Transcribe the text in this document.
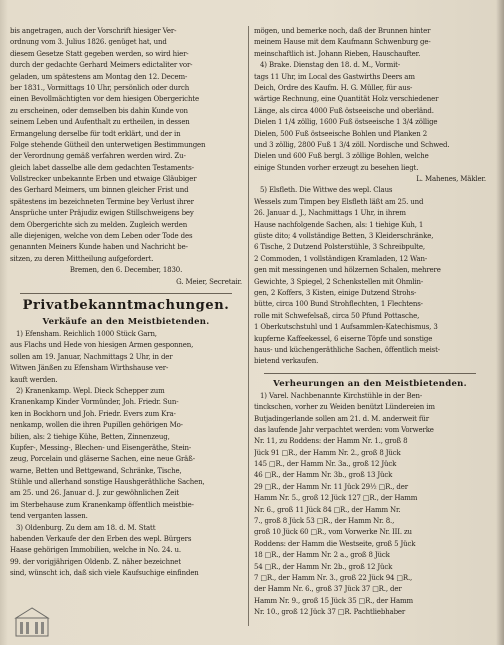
bis angetragen, auch der Vorschrift hiesiger Ver-
ordnung vom 3. Julius 1826. genüget hat, und
diesem Gesetze Statt gegeben werden, so wird hier-
durch der gedachte Gerhard Meimers edictaliter vor-
geladen, um spätestens am Montag den 12. Decem-
ber 1831., Vormittags 10 Uhr, persönlich oder durch
einen Bevollmächtigten vor dem hiesigen Obergerichte
zu erscheinen, oder demselben bis dahin Kunde von
seinem Leben und Aufenthalt zu ertheilen, in dessen
Ermangelung derselbe für todt erklärt, und der in
Folge stehende Gütheil den unterwetigen Bestimmungen
der Verordnung gemäß verfahren werden wird. Zu-
gleich labet dasselbe alle dem gedachten Testaments-
Vollstrecker unbekannte Erben und etwaige Gläubiger
des Gerhard Meimers, um binnen gleicher Frist und
spätestens im bezeichneten Termine bey Verlust ihrer
Ansprüche unter Präjudiz ewigen Stillschweigens bey
dem Obergerichte sich zu melden. Zugleich werden
alle diejenigen, welche von dem Leben oder Tode des
genannten Meiners Kunde haben und Nachricht be-
sitzen, zu deren Mittheilung aufgefordert.
Bremen, den 6. December, 1830.
G. Meier, Secretair.
Privatbekanntmachungen.
Verkäufe an den Meistbietenden.
1) Efensham. Reichlich 1000 Stück Garn,
aus Flachs und Hede von hiesigen Armen gesponnen,
sollen am 19. Januar, Nachmittags 2 Uhr, in der
Witwen Jänßen zu Efensham Wirthshause ver-
kauft werden.
2) Kranenkamp. Wepl. Dieck Schepper zum
Kranenkamp Kinder Vormünder, Joh. Friedr. Sun-
ken in Bockhorn und Joh. Friedr. Evers zum Kra-
nenkamp, wollen die ihren Pupillen gehörigen Mo-
bilien, als: 2 tiehige Kühe, Betten, Zinnenzeug,
Kupfer-, Messing-, Blechen- und Eisengeräthe, Stein-
zeug, Porcelain und gläserne Sachen, eine neue Gräß-
warne, Betten und Bettgewand, Schränke, Tische,
Stühle und allerhand sonstige Haushgeräthliche Sachen,
am 25. und 26. Januar d. J. zur gewöhnlichen Zeit
im Sterbehause zum Kranenkamp öffentlich meistbie-
tend verganten lassen.
3) Oldenburg. Zu dem am 18. d. M. Statt
habenden Verkaufe der den Erben des wepl. Bürgers
Haase gehörigen Immobilien, welche in No. 24. u.
99. der vorigjährigen Oldenb. Z. näher bezeichnet
sind, wünscht ich, daß sich viele Kaufsuchige einfinden
mögen, und bemerke noch, daß der Brunnen hinter
meinem Hause mit dem Kaufmann Schwenburg ge-
meinschaftlich ist. Johann Rieben, Hauschaufter.
4) Brake. Dienstag den 18. d. M., Vormit-
tags 11 Uhr, im Local des Gastwirths Deers am
Deich, Ordre des Kaufm. H. G. Müller, für aus-
wärtige Rechnung, eine Quantität Holz verschiedener
Länge, als circa 4000 Fuß östseeische und oberländ.
Dielen 1 1/4 zöllig, 1600 Fuß östseeische 1 3/4 zöllige
Dielen, 500 Fuß östseeische Bohlen und Planken 2
und 3 zöllig, 2800 Fuß 1 3/4 zöll. Nordische und Schwed.
Dielen und 600 Fuß bergl. 3 zöllige Bohlen, welche
einige Stunden vorher erzeugt zu besehen liegt.
L. Mahenes, Mäkler.
5) Elsfleth. Die Wittwe des wepl. Claus
Wessels zum Timpen bey Elsfleth läßt am 25. und
26. Januar d. J., Nachmittags 1 Uhr, in ihrem
Hause nachfolgende Sachen, als: 1 tiehige Kuh, 1
güste dito; 4 vollständige Betten, 3 Kleiderschränke,
6 Tische, 2 Dutzend Polsterstühle, 3 Schreibpulte,
2 Commoden, 1 vollständigen Kramladen, 12 Wan-
gen mit messingenen und hölzernen Schalen, mehrere
Gewichte, 3 Spiegel, 2 Schenkstellen mit Ohmlin-
gen, 2 Koffers, 3 Kisten, einige Dutzend Strohs-
bütte, circa 100 Bund Strohflechten, 1 Flechtens-
rolle mit Schwefelsaß, circa 50 Pfund Pottasche,
1 Oberkutschstuhl und 1 Aufsammlen-Katechismus, 3
kupferne Kaffeekessel, 6 eiserne Töpfe und sonstige
haus- und küchengeräthliche Sachen, öffentlich meist-
bietend verkaufen.
Verheurungen an den Meistbietenden.
1) Varel. Nachbenannte Kirchstühle in der Ben-
tinckschen, vorher zu Weiden benützt Lündereien im
Butjadingerlande sollen am 21. d. M. anderweit für
das laufende Jahr verpachtet werden: vom Vorwerke
Nr. 11, zu Roddens: der Hamm Nr. 1., groß 8
Jück 91 □R., der Hamm Nr. 2., groß 8 Jück
145 □R., der Hamm Nr. 3a., groß 12 Jück
46 □R., der Hamm Nr. 3b., groß 13 Jück
29 □R., der Hamm Nr. 11 Jück 29½ □R., der
Hamm Nr. 5., groß 12 Jück 127 □R., der Hamm
Nr. 6., groß 11 Jück 84 □R., der Hamm Nr.
7., groß 8 Jück 53 □R., der Hamm Nr. 8.,
groß 10 Jück 60 □R., vom Vorwerke Nr. III. zu
Roddens: der Hamm die Westseite, groß 5 Jück
18 □R., der Hamm Nr. 2 a., groß 8 Jück
54 □R., der Hamm Nr. 2b., groß 12 Jück
7 □R., der Hamm Nr. 3., groß 22 Jück 94 □R.,
der Hamm Nr. 6., groß 37 Jück 37 □R., der
Hamm Nr. 9., groß 15 Jück 35 □R., der Hamm
Nr. 10., groß 12 Jück 37 □R. Pachtliebhaber
